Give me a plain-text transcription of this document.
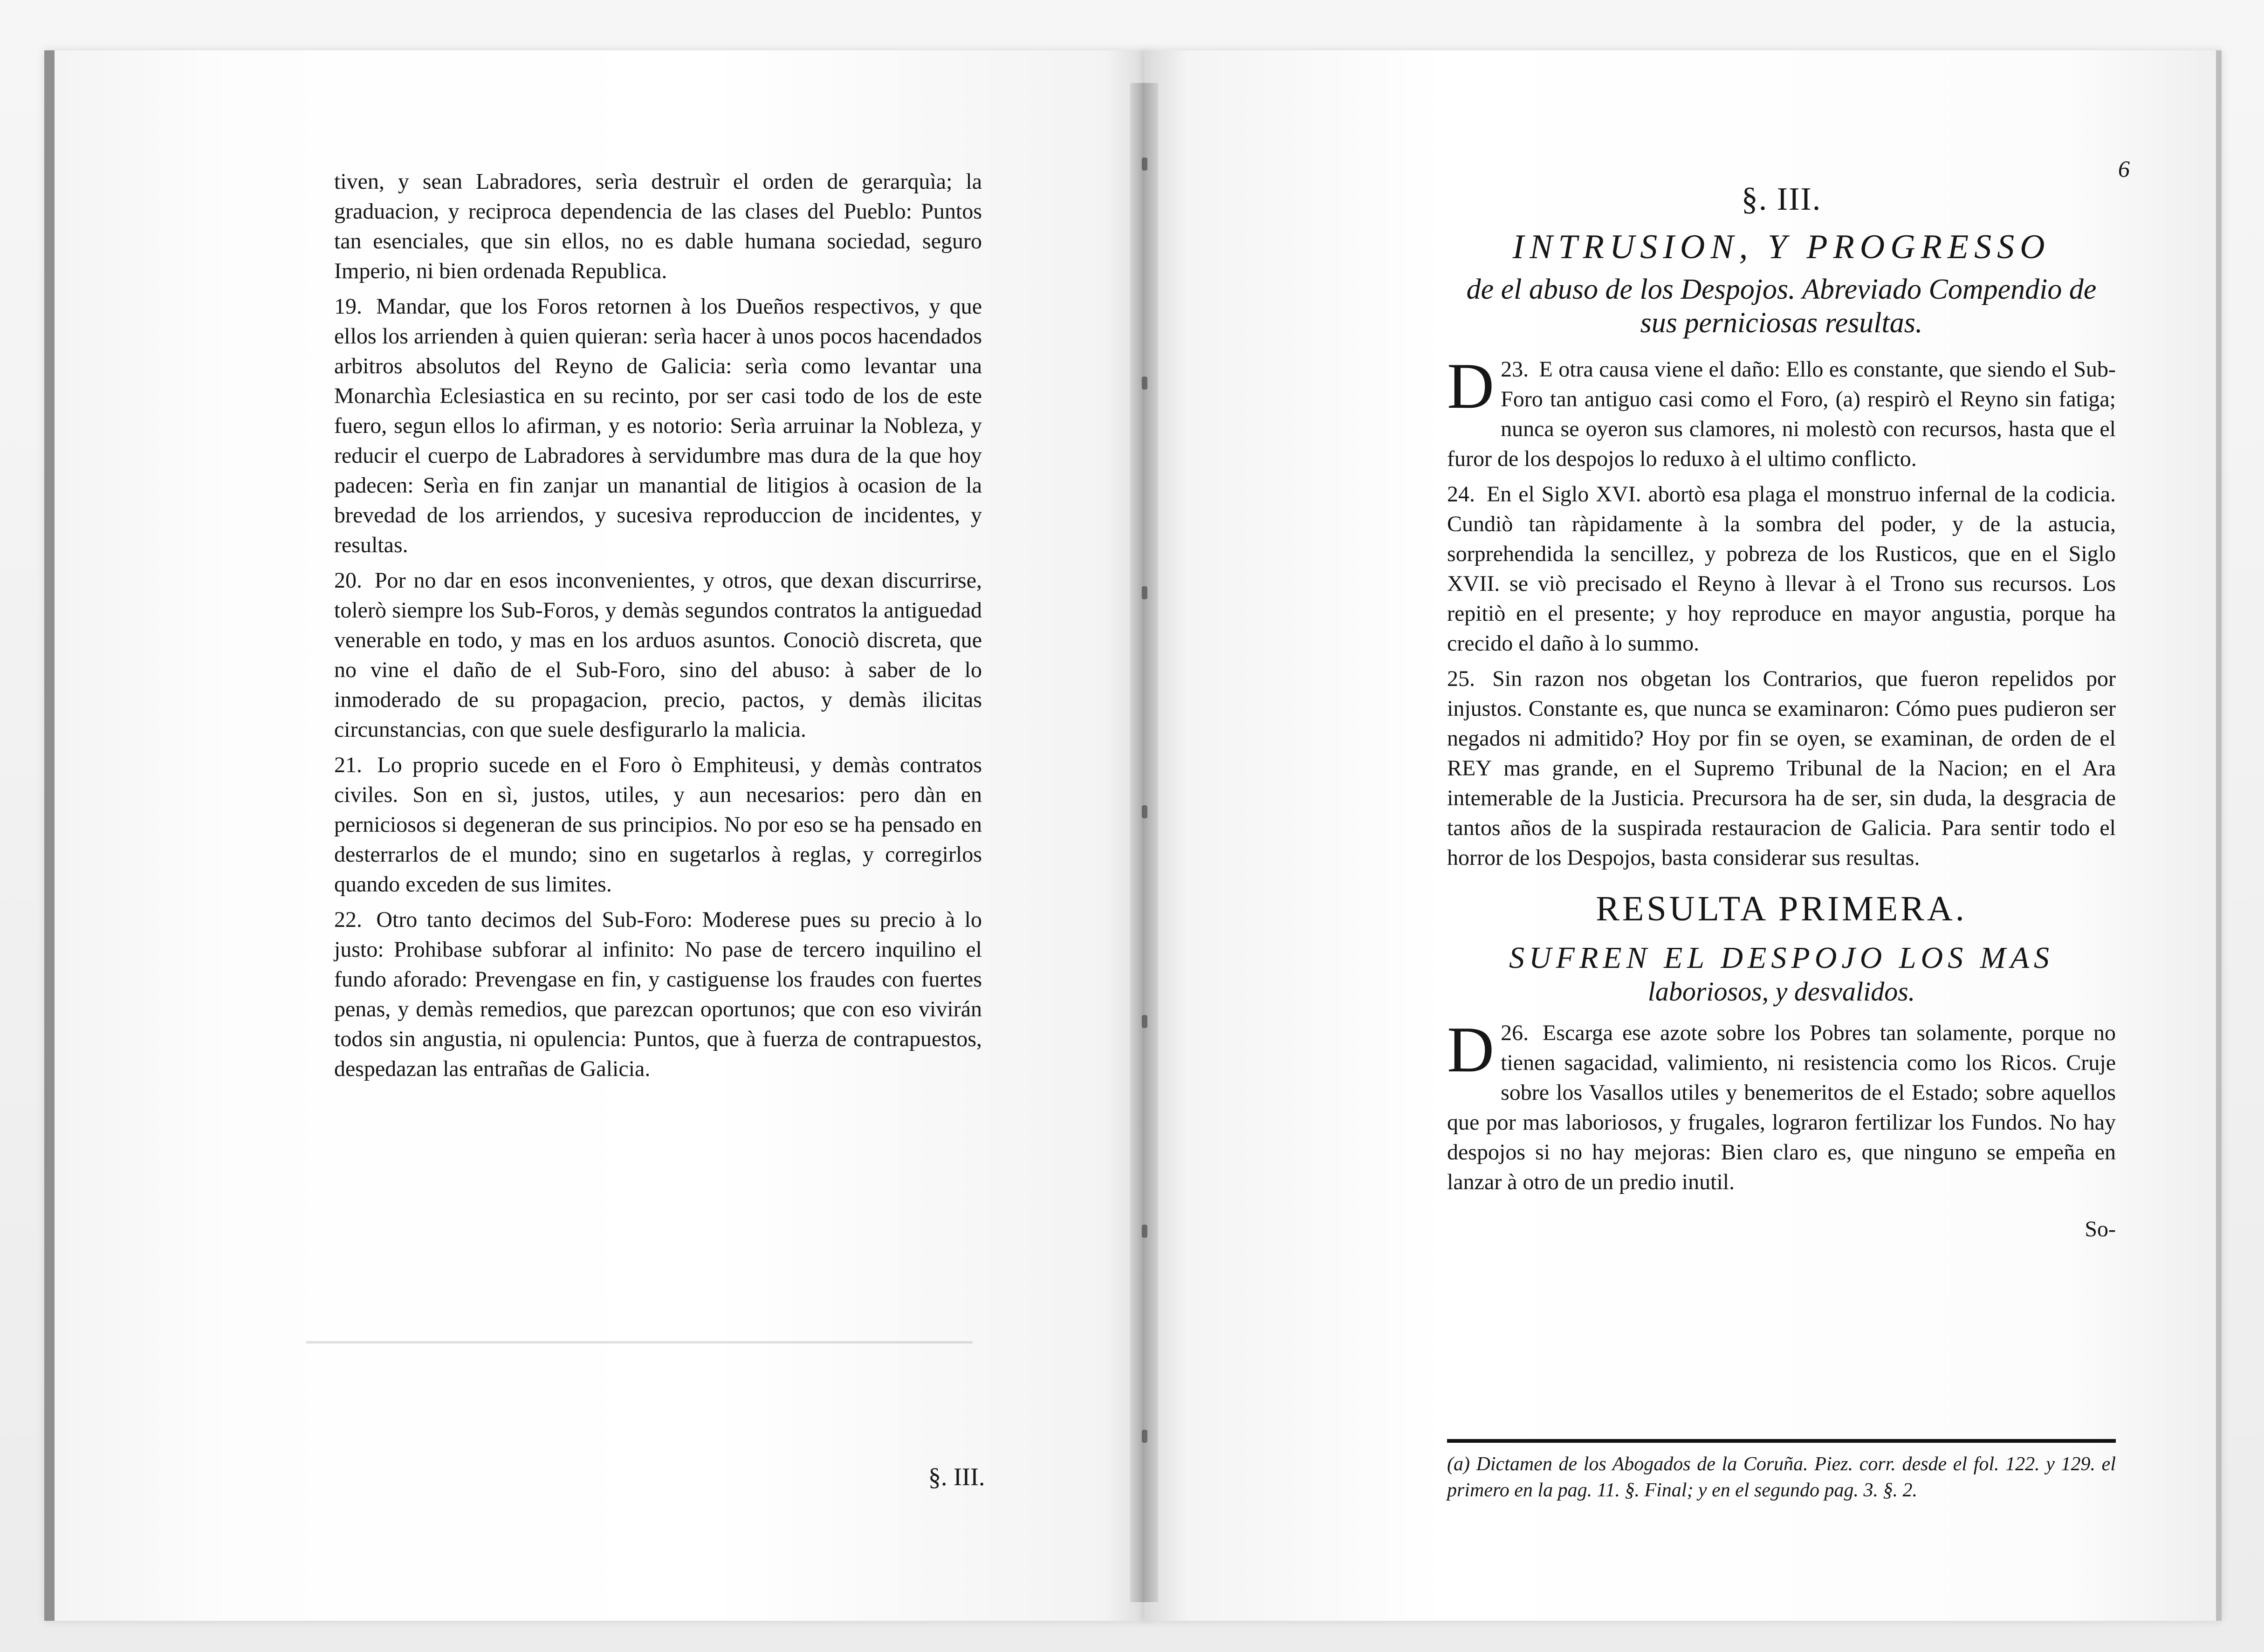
tiven, y sean Labradores, serìa destruìr el orden de gerarquìa; la graduacion, y reciproca dependencia de las clases del Pueblo: Puntos tan esenciales, que sin ellos, no es dable humana sociedad, seguro Imperio, ni bien ordenada Republica.

19. Mandar, que los Foros retornen à los Dueños respectivos, y que ellos los arrienden à quien quieran: serìa hacer à unos pocos hacendados arbitros absolutos del Reyno de Galicia: serìa como levantar una Monarchìa Eclesiastica en su recinto, por ser casi todo de los de este fuero, segun ellos lo afirman, y es notorio: Serìa arruinar la Nobleza, y reducir el cuerpo de Labradores à servidumbre mas dura de la que hoy padecen: Serìa en fin zanjar un manantial de litigios à ocasion de la brevedad de los arriendos, y sucesiva reproduccion de incidentes, y resultas.

20. Por no dar en esos inconvenientes, y otros, que dexan discurrirse, tolerò siempre los Sub-Foros, y demàs segundos contratos la antiguedad venerable en todo, y mas en los arduos asuntos. Conociò discreta, que no vine el daño de el Sub-Foro, sino del abuso: à saber de lo inmoderado de su propagacion, precio, pactos, y demàs ilicitas circunstancias, con que suele desfigurarlo la malicia.

21. Lo proprio sucede en el Foro ò Emphiteusi, y demàs contratos civiles. Son en sì, justos, utiles, y aun necesarios: pero dàn en perniciosos si degeneran de sus principios. No por eso se ha pensado en desterrarlos de el mundo; sino en sugetarlos à reglas, y corregirlos quando exceden de sus limites.

22. Otro tanto decimos del Sub-Foro: Moderese pues su precio à lo justo: Prohibase subforar al infinito: No pase de tercero inquilino el fundo aforado: Prevengase en fin, y castiguense los fraudes con fuertes penas, y demàs remedios, que parezcan oportunos; que con eso vivirán todos sin angustia, ni opulencia: Puntos, que à fuerza de contrapuestos, despedazan las entrañas de Galicia.

§. III.
6
§. III.
INTRUSION, Y PROGRESSO
de el abuso de los Despojos. Abreviado Compendio de sus perniciosas resultas.

23.
D E otra causa viene el daño: Ello es constante, que siendo el Sub-Foro tan antiguo casi como el Foro, (a) respirò el Reyno sin fatiga; nunca se oyeron sus clamores, ni molestò con recursos, hasta que el furor de los despojos lo reduxo à el ultimo conflicto.

24. En el Siglo XVI. abortò esa plaga el monstruo infernal de la codicia. Cundiò tan ràpidamente à la sombra del poder, y de la astucia, sorprehendida la sencillez, y pobreza de los Rusticos, que en el Siglo XVII. se viò precisado el Reyno à llevar à el Trono sus recursos. Los repitiò en el presente; y hoy reproduce en mayor angustia, porque ha crecido el daño à lo summo.

25. Sin razon nos obgetan los Contrarios, que fueron repelidos por injustos. Constante es, que nunca se examinaron: Cómo pues pudieron ser negados ni admitido? Hoy por fin se oyen, se examinan, de orden de el REY mas grande, en el Supremo Tribunal de la Nacion; en el Ara intemerable de la Justicia. Precursora ha de ser, sin duda, la desgracia de tantos años de la suspirada restauracion de Galicia. Para sentir todo el horror de los Despojos, basta considerar sus resultas.

RESULTA PRIMERA.
SUFREN EL DESPOJO LOS MAS
laboriosos, y desvalidos.

26.
D Escarga ese azote sobre los Pobres tan solamente, porque no tienen sagacidad, valimiento, ni resistencia como los Ricos. Cruje sobre los Vasallos utiles y benemeritos de el Estado; sobre aquellos que por mas laboriosos, y frugales, lograron fertilizar los Fundos. No hay despojos si no hay mejoras: Bien claro es, que ninguno se empeña en lanzar à otro de un predio inutil.

So-
(a) Dictamen de los Abogados de la Coruña. Piez. corr. desde el fol. 122. y 129. el primero en la pag. 11. §. Final; y en el segundo pag. 3. §. 2.
